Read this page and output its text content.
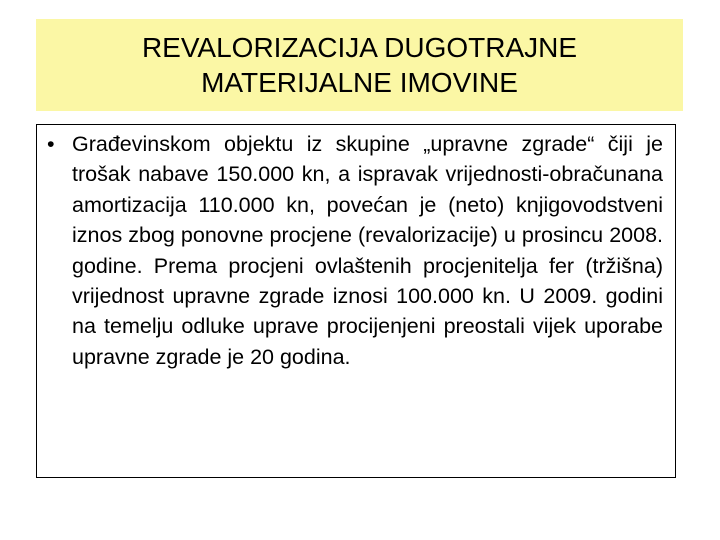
REVALORIZACIJA DUGOTRAJNE
MATERIJALNE IMOVINE
• Građevinskom objektu iz skupine „upravne zgrade“ čiji je trošak nabave 150.000 kn, a ispravak vrijednosti-obračunana amortizacija 110.000 kn, povećan je (neto) knjigovodstveni iznos zbog ponovne procjene (revalorizacije) u prosincu 2008. godine. Prema procjeni ovlaštenih procjenitelja fer (tržišna) vrijednost upravne zgrade iznosi 100.000 kn. U 2009. godini na temelju odluke uprave procijenjeni preostali vijek uporabe upravne zgrade je 20 godina.
